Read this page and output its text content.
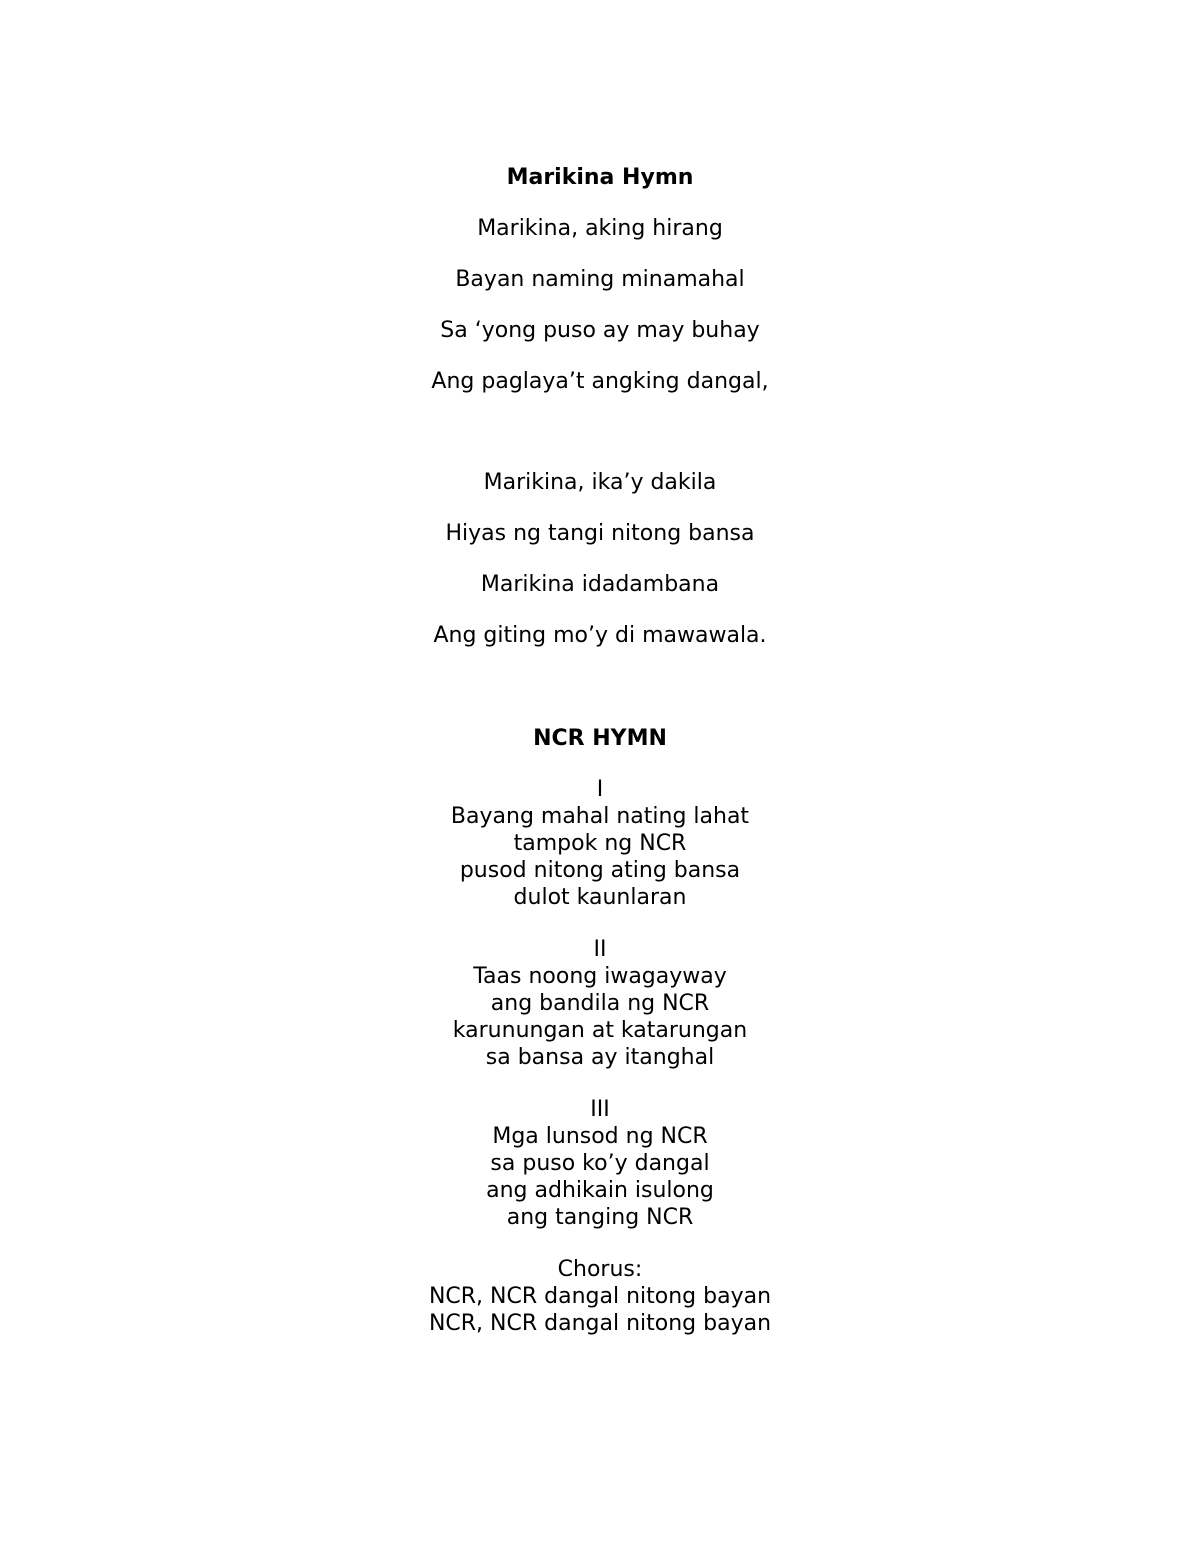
Marikina Hymn
Marikina, aking hirang
Bayan naming minamahal
Sa ‘yong puso ay may buhay
Ang paglaya’t angking dangal,
Marikina, ika’y dakila
Hiyas ng tangi nitong bansa
Marikina idadambana
Ang giting mo’y di mawawala.
NCR HYMN
I
Bayang mahal nating lahat
tampok ng NCR
pusod nitong ating bansa
dulot kaunlaran
II
Taas noong iwagayway
ang bandila ng NCR
karunungan at katarungan
sa bansa ay itanghal
III
Mga lunsod ng NCR
sa puso ko’y dangal
ang adhikain isulong
ang tanging NCR
Chorus:
NCR, NCR dangal nitong bayan
NCR, NCR dangal nitong bayan
